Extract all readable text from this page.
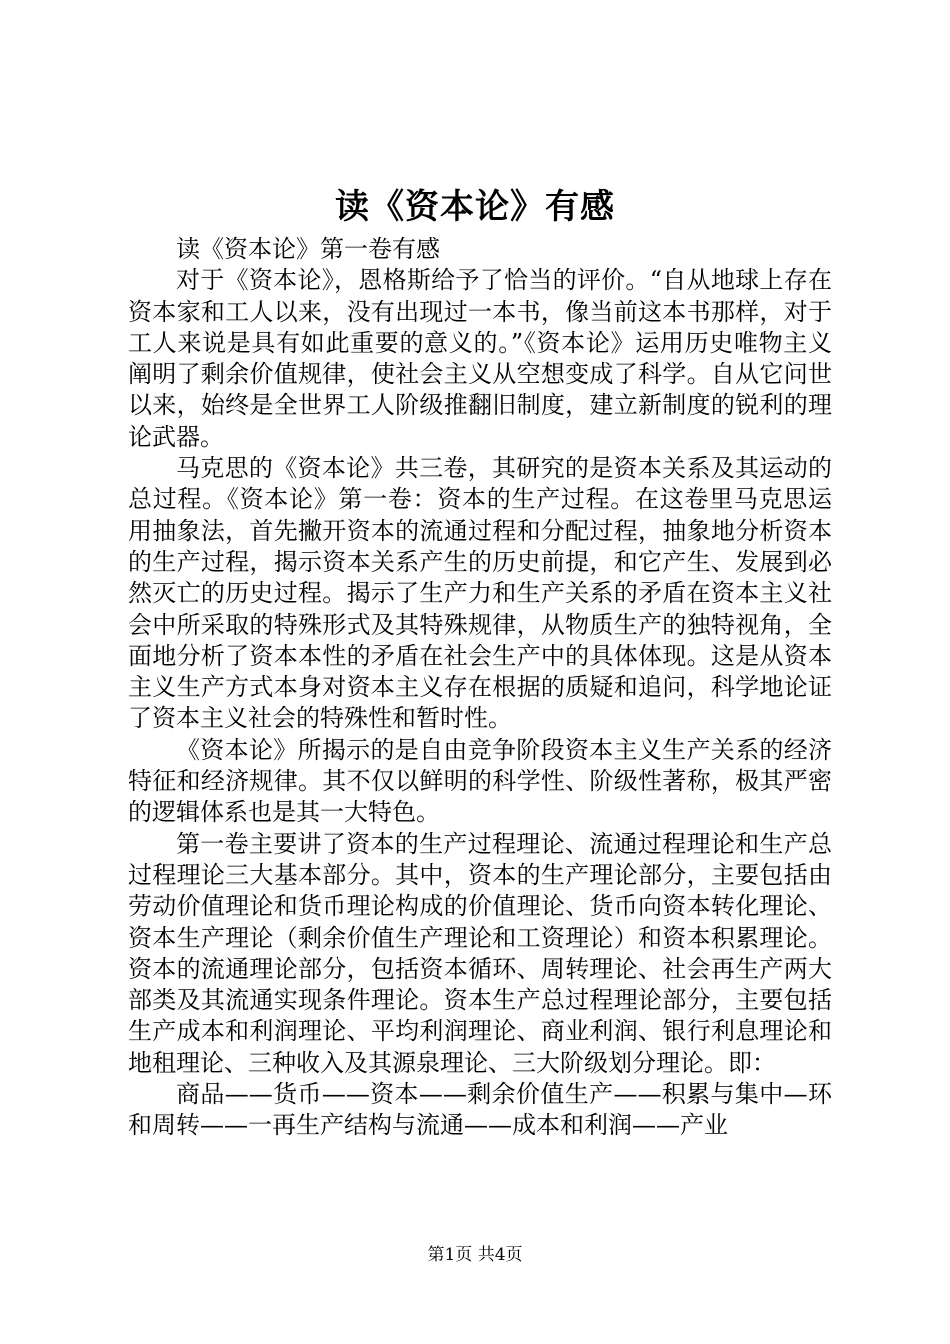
读《资本论》有感

读《资本论》第一卷有感

对于《资本论》，恩格斯给予了恰当的评价。“自从地球上存在资本家和工人以来，没有出现过一本书，像当前这本书那样，对于工人来说是具有如此重要的意义的。”《资本论》运用历史唯物主义阐明了剩余价值规律，使社会主义从空想变成了科学。自从它问世以来，始终是全世界工人阶级推翻旧制度，建立新制度的锐利的理论武器。

马克思的《资本论》共三卷，其研究的是资本关系及其运动的总过程。《资本论》第一卷：资本的生产过程。在这卷里马克思运用抽象法，首先撇开资本的流通过程和分配过程，抽象地分析资本的生产过程，揭示资本关系产生的历史前提，和它产生、发展到必然灭亡的历史过程。揭示了生产力和生产关系的矛盾在资本主义社会中所采取的特殊形式及其特殊规律，从物质生产的独特视角，全面地分析了资本本性的矛盾在社会生产中的具体体现。这是从资本主义生产方式本身对资本主义存在根据的质疑和追问，科学地论证了资本主义社会的特殊性和暂时性。

《资本论》所揭示的是自由竞争阶段资本主义生产关系的经济特征和经济规律。其不仅以鲜明的科学性、阶级性著称，极其严密的逻辑体系也是其一大特色。

第一卷主要讲了资本的生产过程理论、流通过程理论和生产总过程理论三大基本部分。其中，资本的生产理论部分，主要包括由劳动价值理论和货币理论构成的价值理论、货币向资本转化理论、资本生产理论（剩余价值生产理论和工资理论）和资本积累理论。资本的流通理论部分，包括资本循环、周转理论、社会再生产两大部类及其流通实现条件理论。资本生产总过程理论部分，主要包括生产成本和利润理论、平均利润理论、商业利润、银行利息理论和地租理论、三种收入及其源泉理论、三大阶级划分理论。即：

商品——货币——资本——剩余价值生产——积累与集中—环和周转——一再生产结构与流通——成本和利润——产业

第1页 共4页
